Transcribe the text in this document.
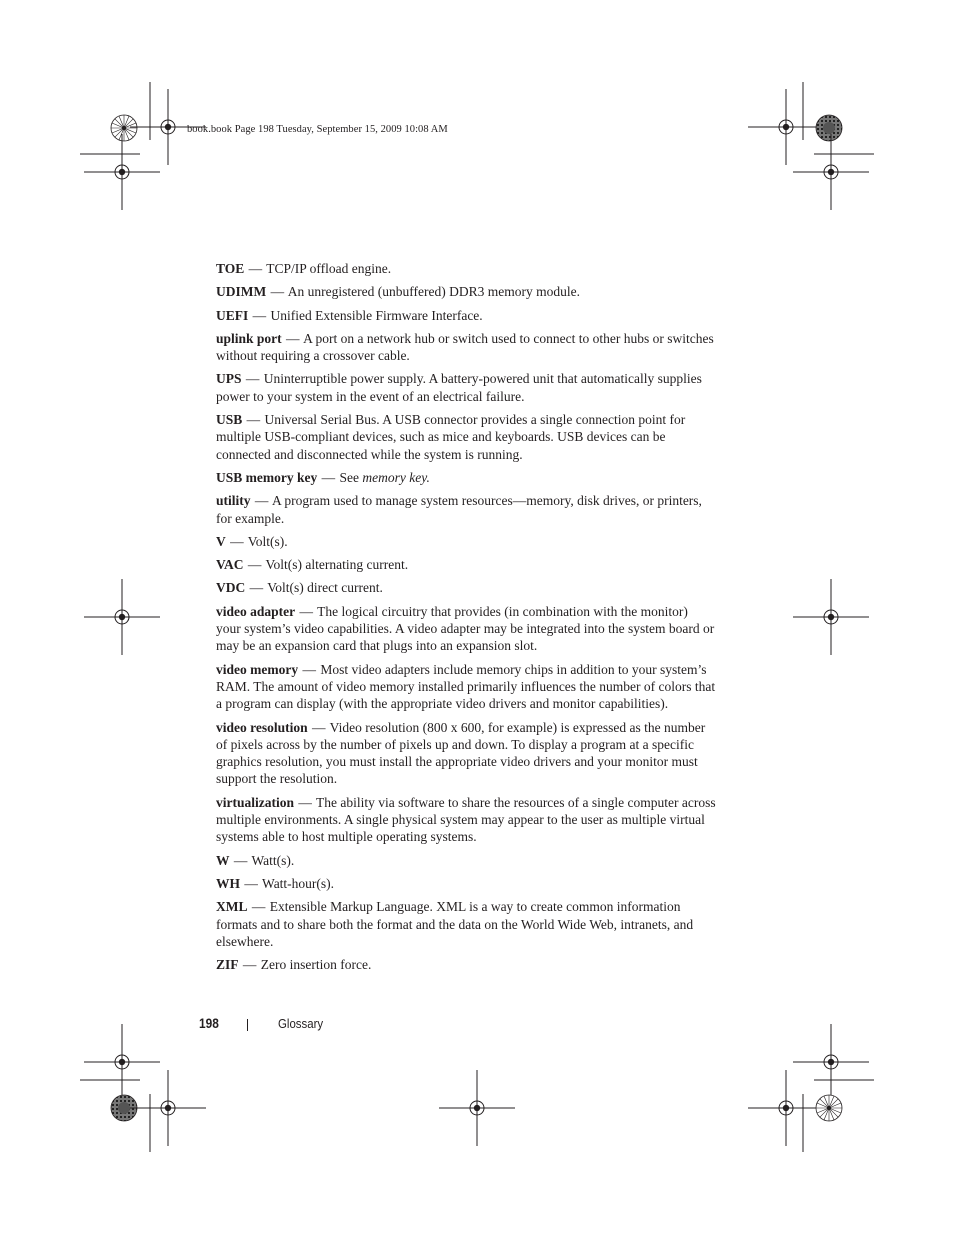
book.book Page 198 Tuesday, September 15, 2009 10:08 AM

TOE — TCP/IP offload engine.

UDIMM — An unregistered (unbuffered) DDR3 memory module.

UEFI — Unified Extensible Firmware Interface.

uplink port — A port on a network hub or switch used to connect to other hubs or switches without requiring a crossover cable.

UPS — Uninterruptible power supply. A battery-powered unit that automatically supplies power to your system in the event of an electrical failure.

USB — Universal Serial Bus. A USB connector provides a single connection point for multiple USB-compliant devices, such as mice and keyboards. USB devices can be connected and disconnected while the system is running.

USB memory key — See memory key.

utility — A program used to manage system resources—memory, disk drives, or printers, for example.

V — Volt(s).

VAC — Volt(s) alternating current.

VDC — Volt(s) direct current.

video adapter — The logical circuitry that provides (in combination with the monitor) your system’s video capabilities. A video adapter may be integrated into the system board or may be an expansion card that plugs into an expansion slot.

video memory — Most video adapters include memory chips in addition to your system’s RAM. The amount of video memory installed primarily influences the number of colors that a program can display (with the appropriate video drivers and monitor capabilities).

video resolution — Video resolution (800 x 600, for example) is expressed as the number of pixels across by the number of pixels up and down. To display a program at a specific graphics resolution, you must install the appropriate video drivers and your monitor must support the resolution.

virtualization — The ability via software to share the resources of a single computer across multiple environments. A single physical system may appear to the user as multiple virtual systems able to host multiple operating systems.

W — Watt(s).

WH — Watt-hour(s).

XML — Extensible Markup Language. XML is a way to create common information formats and to share both the format and the data on the World Wide Web, intranets, and elsewhere.

ZIF — Zero insertion force.

198	Glossary
